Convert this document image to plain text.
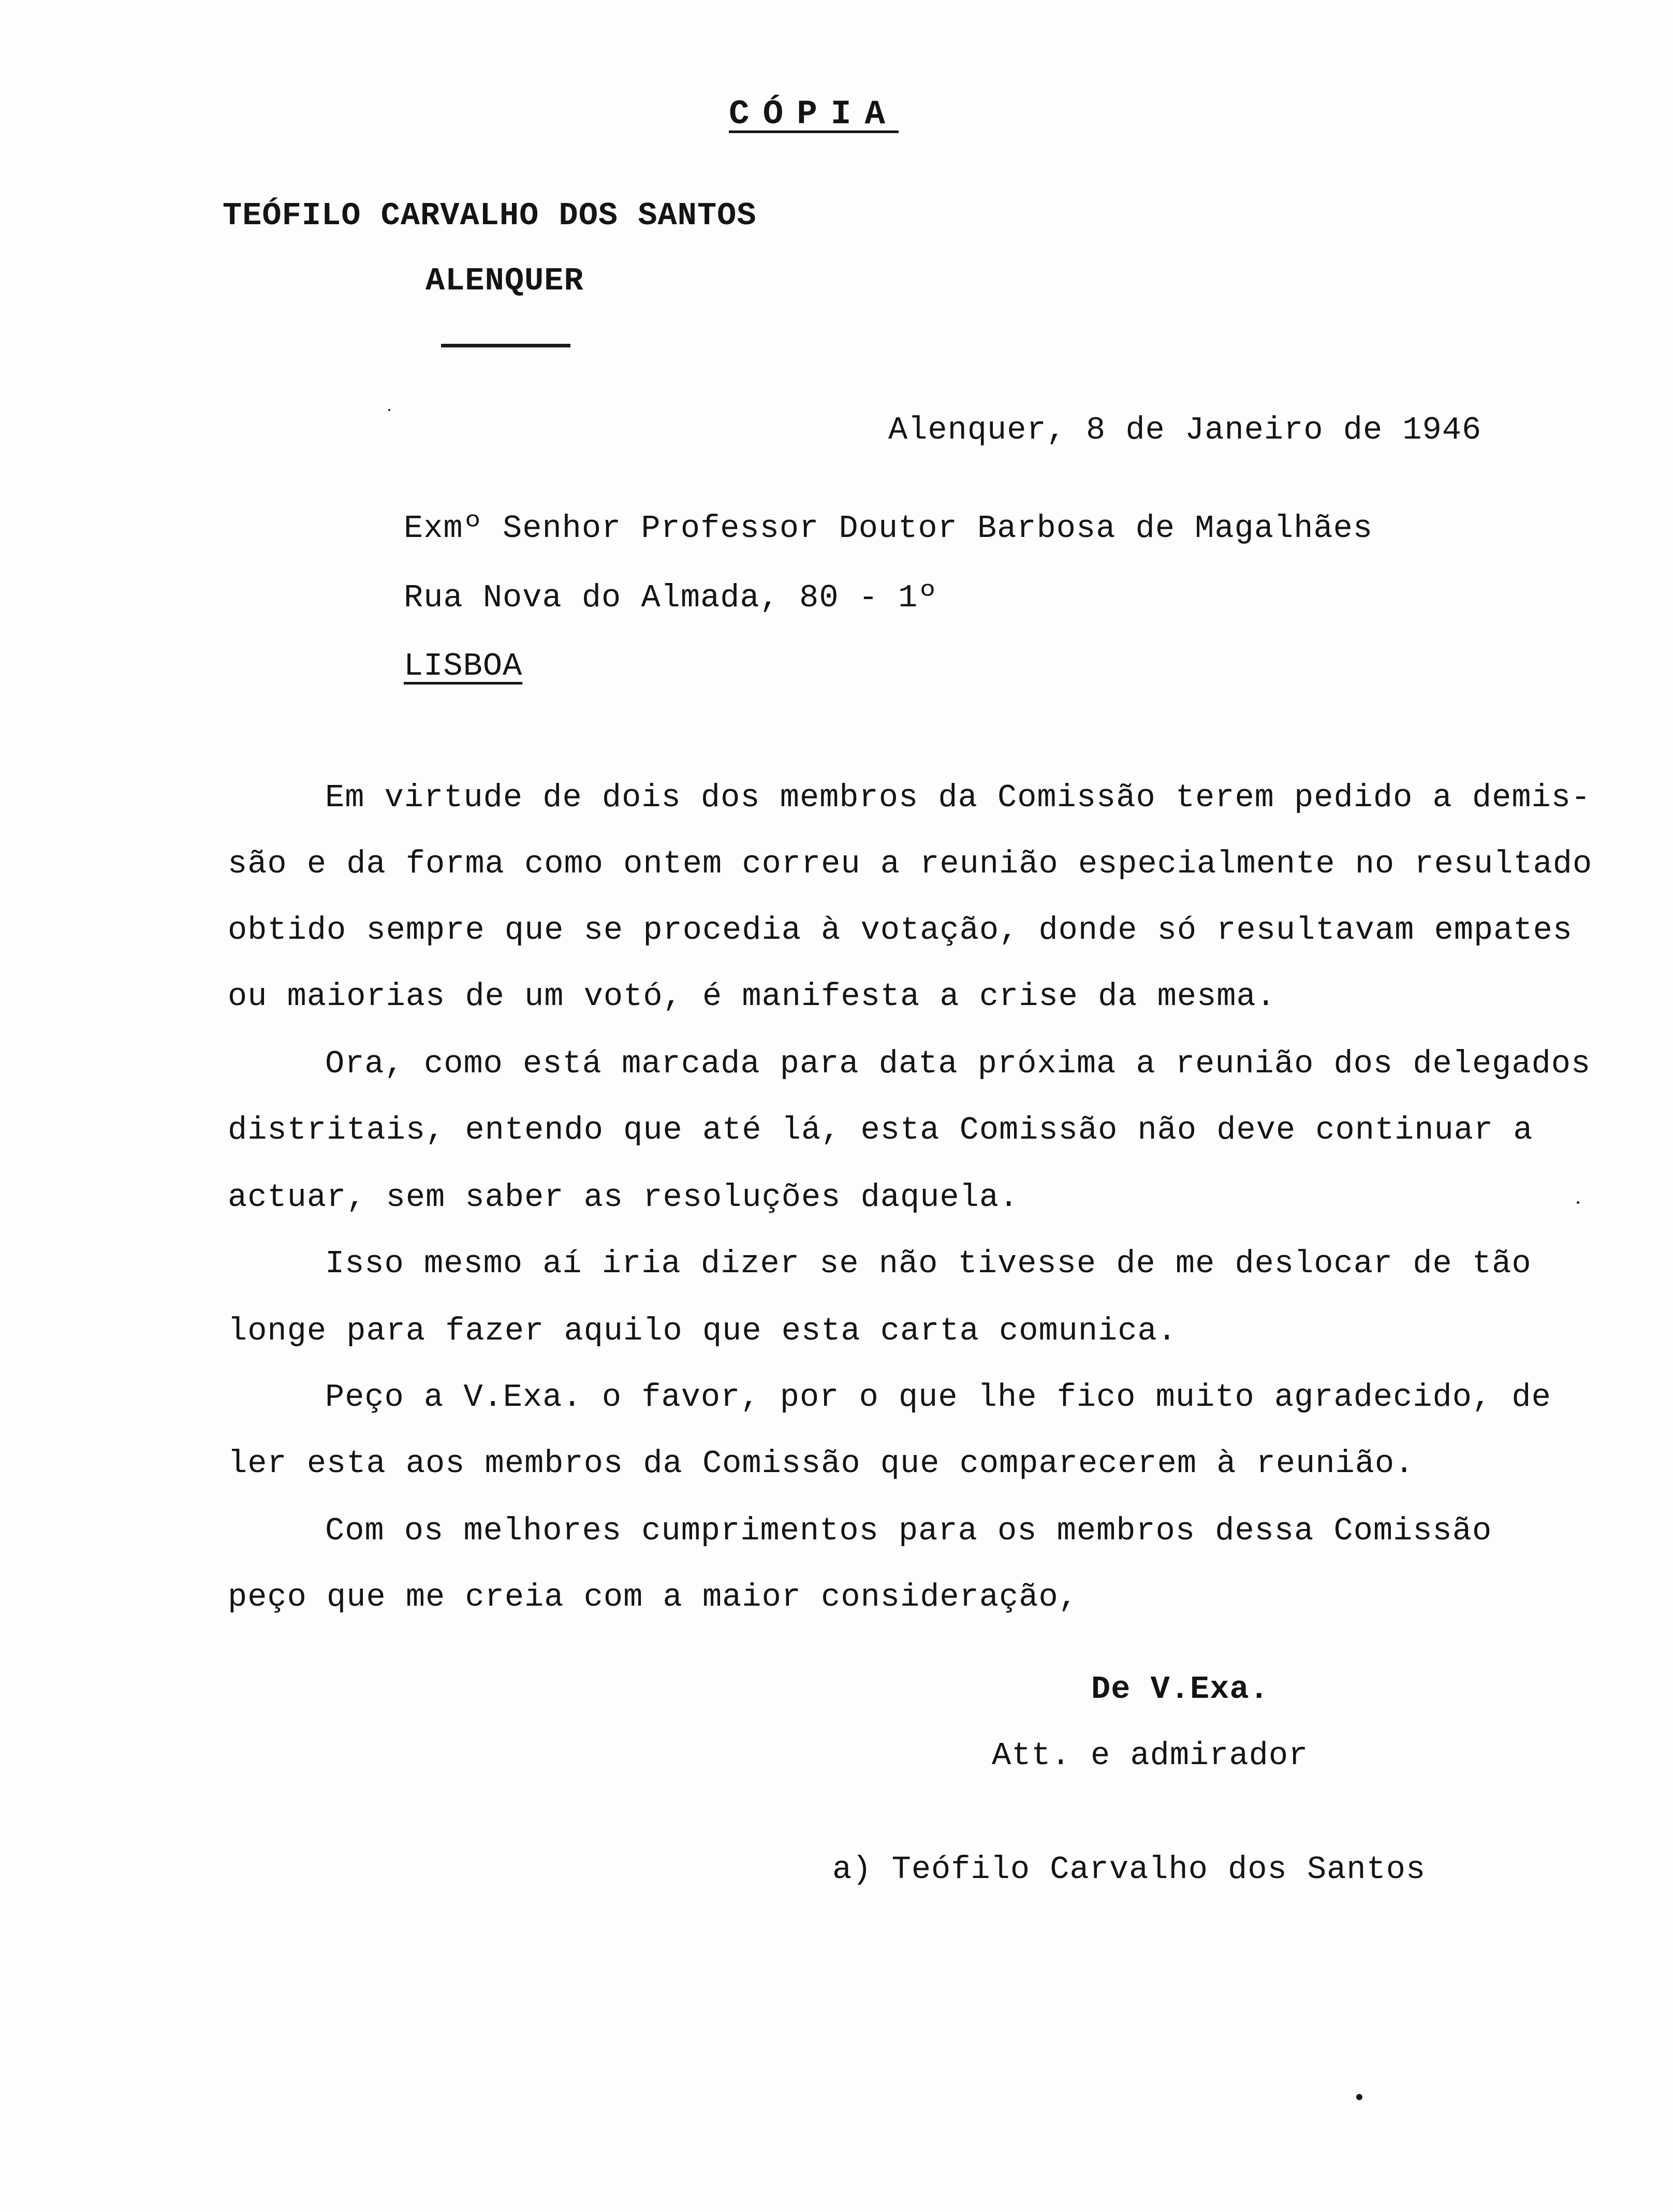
CÓPIA
TEÓFILO CARVALHO DOS SANTOS
ALENQUER
Alenquer, 8 de Janeiro de 1946
Exmº Senhor Professor Doutor Barbosa de Magalhães
Rua Nova do Almada, 80 - 1º
LISBOA
Em virtude de dois dos membros da Comissão terem pedido a demis-
são e da forma como ontem correu a reunião especialmente no resultado
obtido sempre que se procedia à votação, donde só resultavam empates
ou maiorias de um votó, é manifesta a crise da mesma.
Ora, como está marcada para data próxima a reunião dos delegados
distritais, entendo que até lá, esta Comissão não deve continuar a
actuar, sem saber as resoluções daquela.
Isso mesmo aí iria dizer se não tivesse de me deslocar de tão
longe para fazer aquilo que esta carta comunica.
Peço a V.Exa. o favor, por o que lhe fico muito agradecido, de
ler esta aos membros da Comissão que comparecerem à reunião.
Com os melhores cumprimentos para os membros dessa Comissão
peço que me creia com a maior consideração,
De V.Exa.
Att. e admirador
a) Teófilo Carvalho dos Santos
